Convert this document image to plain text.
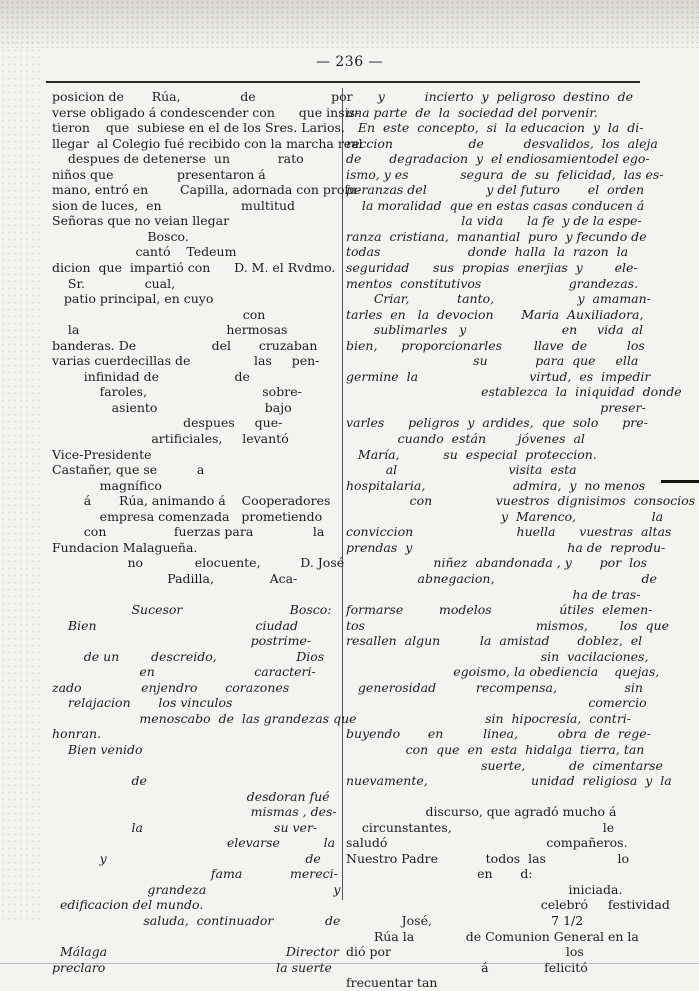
— 236 —
posicion de       Rúa,               de                   por
verse obligado á condescender con      que insis-
tieron    que  subiese en el de los Sres. Larios.
llegar  al Colegio fué recibido con la marcha real
despues de detenerse  un            rato
niños que                presentaron á
mano, entró en        Capilla, adornada con profu-
sion de luces,  en                    multitud
Señoras que no veian llegar
Bosco.
cantó    Tedeum
dicion  que  impartió con      D. M. el Rvdmo.
Sr.               cual,
patio principal, en cuyo
con
la                                     hermosas
banderas. De                   del       cruzaban
varias cuerdecillas de                las     pen-
infinidad de                   de
faroles,                             sobre-
asiento                           bajo
despues     que-
artificiales,     levantó
Vice-Presidente
Castañer, que se          a
magnífico
á       Rúa, animando á    Cooperadores
empresa comenzada   prometiendo
con                 fuerzas para               la
Fundacion Malagueña.
no             elocuente,          D. José
Padilla,              Aca-
Sucesor                           Bosco:
Bien                                        ciudad
postrime-
de un        descreido,                    Dios
en                         caracteri-
zado               enjendro       corazones
relajacion       los vinculos
menoscabo  de  las grandezas que
honran.
Bien venido
de
desdoran fué
mismas , des-
la                                 su ver-
elevarse           la
y                                                  de
fama            mereci-
grandeza                                y
edificacion del mundo.
saluda,  continuador             de
Málaga                                             Director
preclaro                                           la suerte
y          incierto  y  peligroso  destino  de
una parte  de  la  sociedad del porvenir.
En  este  concepto,  si  la educacion  y  la  di-
reccion                   de          desvalidos,  los  aleja
de       degradacion  y  el endiosamientodel ego-
ismo, y es             segura  de  su  felicidad,  las es-
peranzas del               y del futuro       el  orden
la moralidad  que en estas casas conducen á
la vida      la fe  y de la espe-
ranza  cristiana,  manantial  puro  y fecundo de
todas                      donde  halla  la  razon  la
seguridad      sus  propias  enerjias  y        ele-
mentos  constitutivos                      grandezas.
Criar,            tanto,                     y  amaman-
tarles  en   la  devocion       Maria  Auxiliadora,
sublimarles   y                        en     vida  al
bien,      proporcionarles        llave  de          los
su            para  que     ella
germine  la                            virtud,  es  impedir
establezca  la  iniquidad  donde
preser-
varles      peligros  y  ardides,  que  solo      pre-
cuando  están        jóvenes  al
María,           su  especial  proteccion.
al                            visita  esta
hospitalaria,                      admira,  y  no menos
con                vuestros  dignisimos  consocios
y  Marenco,                   la
conviccion                          huella      vuestras  altas
prendas  y                                       ha de  reprodu-
niñez  abandonada , y       por  los
abnegacion,                                     de
ha de tras-
formarse         modelos                 útiles  elemen-
tos                                           mismos,        los  que
resallen  algun          la  amistad       doblez,  el
sin  vacilaciones,
egoismo, la obediencia    quejas,
generosidad          recompensa,                 sin
comercio
sin  hipocresía,  contri-
buyendo       en          linea,          obra  de  rege-
con  que  en  esta  hidalga  tierra, tan
suerte,           de  cimentarse
nuevamente,                          unidad  religiosa  y  la
discurso, que agradó mucho á
circunstantes,                                      le
saludó                                        compañeros.
Nuestro Padre            todos  las                  lo
en       d:
iniciada.
celebró     festividad
José,                              7 1/2
Rúa la             de Comunion General en la
dió por                                            los
á              felicitó
frecuentar tan
